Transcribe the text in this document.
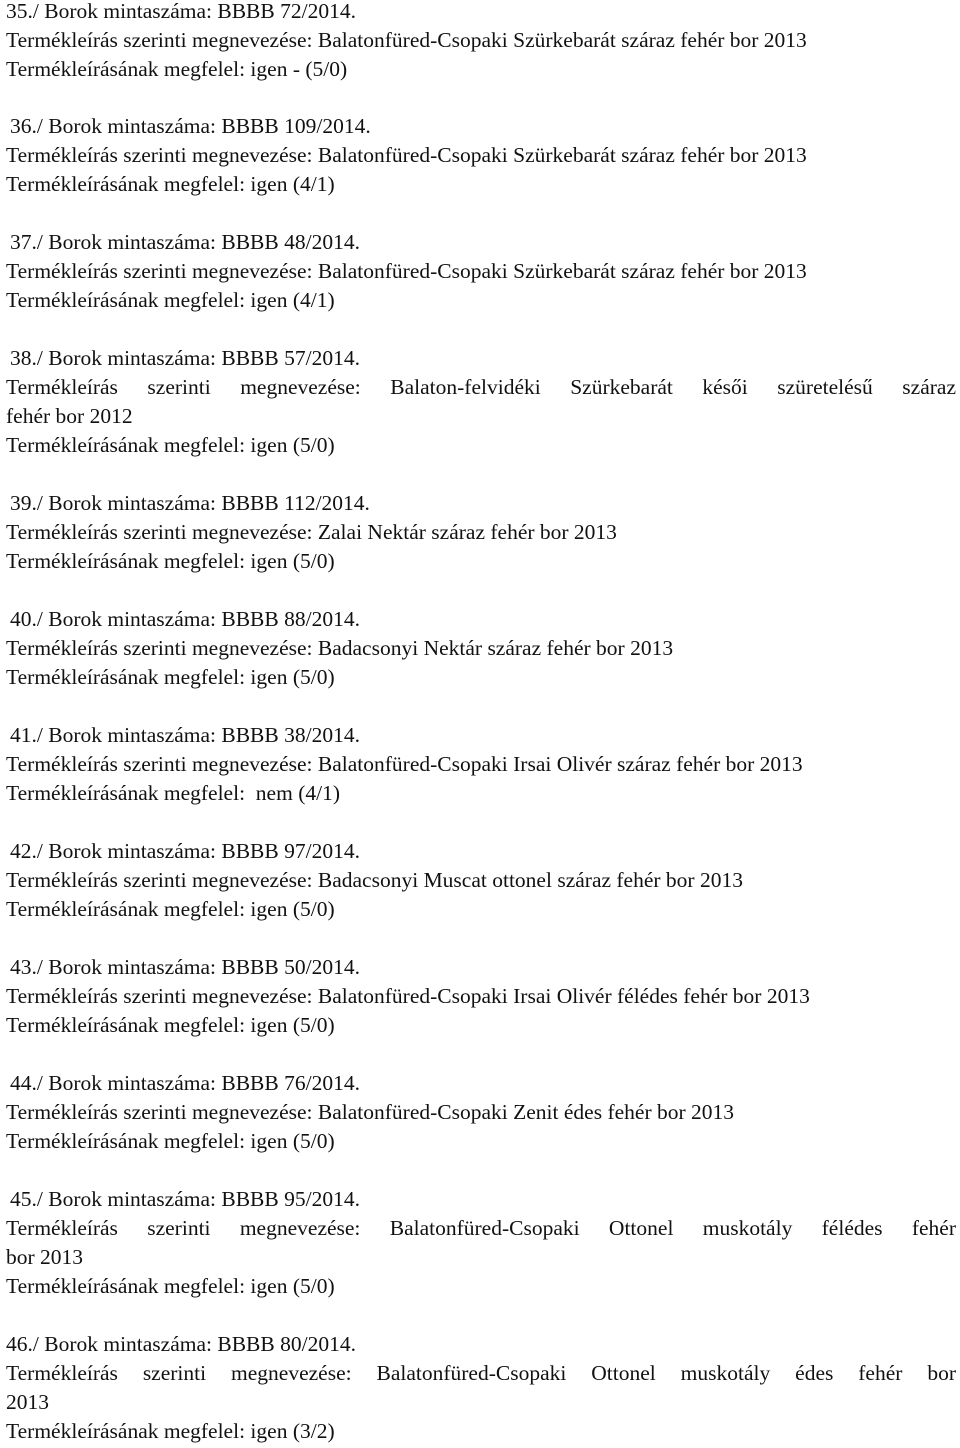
35./ Borok mintaszáma: BBBB 72/2014.
Termékleírás szerinti megnevezése: Balatonfüred-Csopaki Szürkebarát száraz fehér bor 2013
Termékleírásának megfelel: igen - (5/0)
36./ Borok mintaszáma: BBBB 109/2014.
Termékleírás szerinti megnevezése: Balatonfüred-Csopaki Szürkebarát száraz fehér bor 2013
Termékleírásának megfelel: igen (4/1)
37./ Borok mintaszáma: BBBB 48/2014.
Termékleírás szerinti megnevezése: Balatonfüred-Csopaki Szürkebarát száraz fehér bor 2013
Termékleírásának megfelel: igen (4/1)
38./ Borok mintaszáma: BBBB 57/2014.
Termékleírás szerinti megnevezése: Balaton-felvidéki Szürkebarát késői szüretelésű száraz
fehér bor 2012
Termékleírásának megfelel: igen (5/0)
39./ Borok mintaszáma: BBBB 112/2014.
Termékleírás szerinti megnevezése: Zalai Nektár száraz fehér bor 2013
Termékleírásának megfelel: igen (5/0)
40./ Borok mintaszáma: BBBB 88/2014.
Termékleírás szerinti megnevezése: Badacsonyi Nektár száraz fehér bor 2013
Termékleírásának megfelel: igen (5/0)
41./ Borok mintaszáma: BBBB 38/2014.
Termékleírás szerinti megnevezése: Balatonfüred-Csopaki Irsai Olivér száraz fehér bor 2013
Termékleírásának megfelel:  nem (4/1)
42./ Borok mintaszáma: BBBB 97/2014.
Termékleírás szerinti megnevezése: Badacsonyi Muscat ottonel száraz fehér bor 2013
Termékleírásának megfelel: igen (5/0)
43./ Borok mintaszáma: BBBB 50/2014.
Termékleírás szerinti megnevezése: Balatonfüred-Csopaki Irsai Olivér félédes fehér bor 2013
Termékleírásának megfelel: igen (5/0)
44./ Borok mintaszáma: BBBB 76/2014.
Termékleírás szerinti megnevezése: Balatonfüred-Csopaki Zenit édes fehér bor 2013
Termékleírásának megfelel: igen (5/0)
45./ Borok mintaszáma: BBBB 95/2014.
Termékleírás szerinti megnevezése: Balatonfüred-Csopaki Ottonel muskotály félédes fehér
bor 2013
Termékleírásának megfelel: igen (5/0)
46./ Borok mintaszáma: BBBB 80/2014.
Termékleírás szerinti megnevezése: Balatonfüred-Csopaki Ottonel muskotály édes fehér bor
2013
Termékleírásának megfelel: igen (3/2)
